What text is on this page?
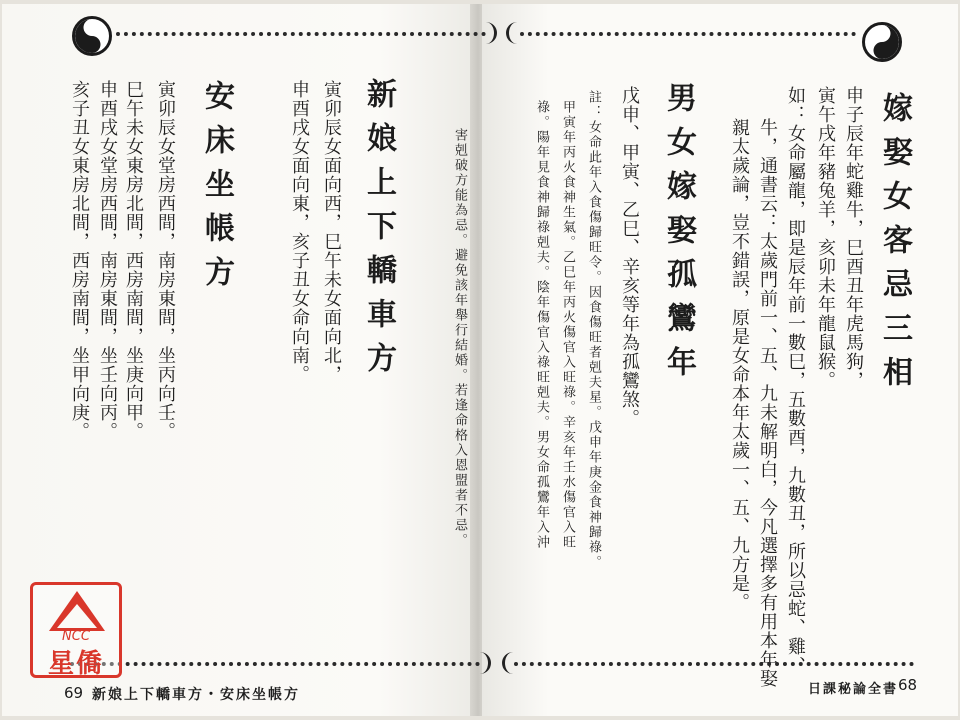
新娘上下轎車方
寅卯辰女面向西，巳午未女面向北，
申酉戌女面向東，亥子丑女命向南。
安床坐帳方
寅卯辰女堂房西間，南房東間，坐丙向壬。
巳午未女東房北間，西房南間，坐庚向甲。
申酉戌女堂房西間，南房東間，坐壬向丙。
亥子丑女東房北間，西房南間，坐甲向庚。	害剋破方能為忌。避免該年舉行結婚。若逢命格入恩盟者不忌。
69 新娘上下轎車方・安床坐帳方
嫁娶女客忌三相
申子辰年蛇雞牛，巳酉丑年虎馬狗，
寅午戌年豬兔羊，亥卯未年龍鼠猴。
如：女命屬龍，即是辰年前一數巳，五數酉，九數丑，所以忌蛇、雞、
牛，通書云：太歲門前一、五、九未解明白，今凡選擇多有用本年娶
親太歲論，豈不錯誤，原是女命本年太歲一、五、九方是。
男女嫁娶孤鸞年
戊申、甲寅、乙巳、辛亥等年為孤鸞煞。
註：女命此年入食傷歸旺令。因食傷旺者剋夫星。戊申年庚金食神歸祿。
甲寅年丙火食神生氣。乙巳年丙火傷官入旺祿。辛亥年壬水傷官入旺
祿。陽年見食神歸祿剋夫。陰年傷官入祿旺剋夫。男女命孤鸞年入沖
日課秘論全書 68
NCC
星僑
